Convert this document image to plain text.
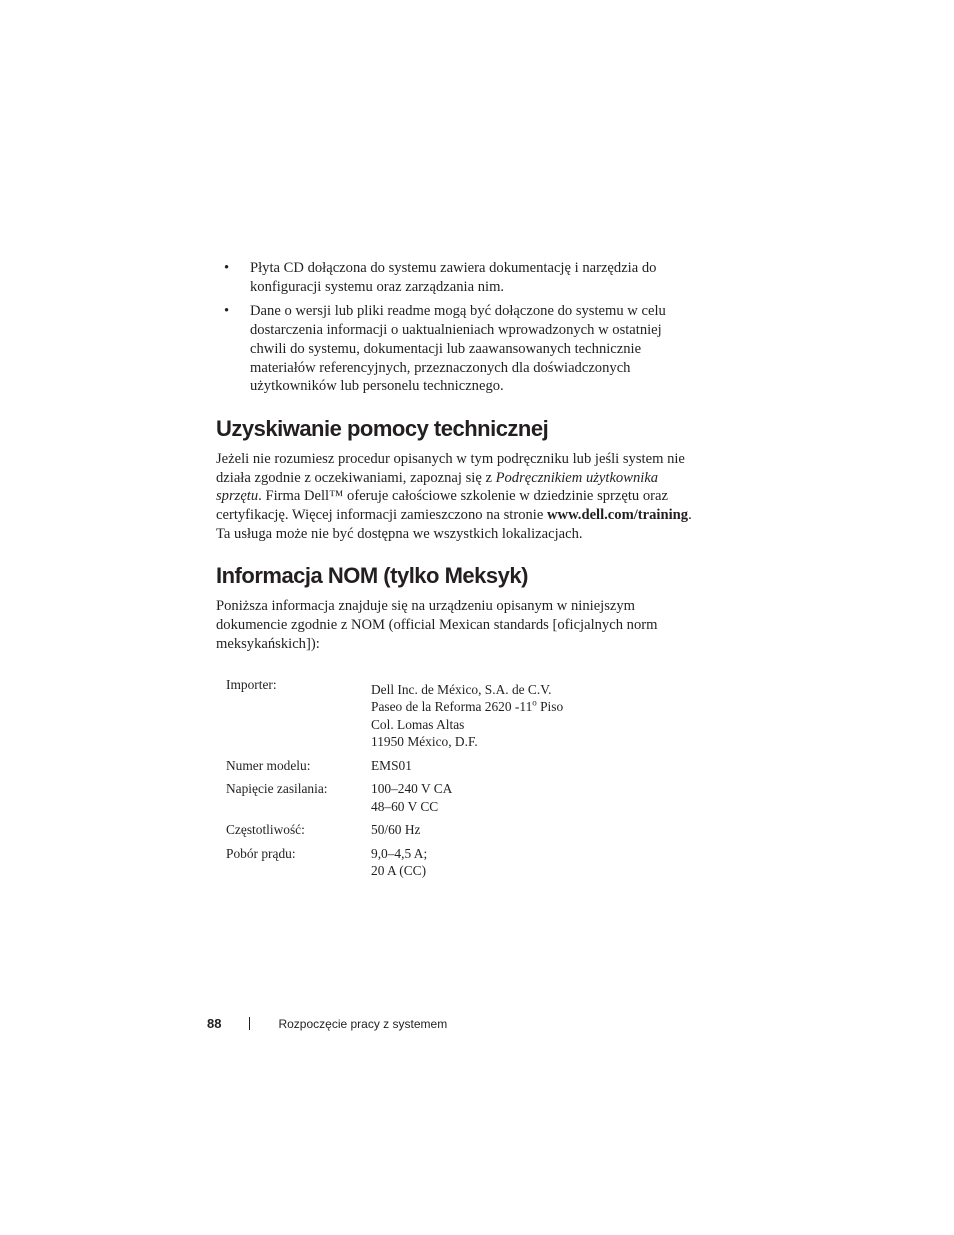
• Płyta CD dołączona do systemu zawiera dokumentację i narzędzia do
konfiguracji systemu oraz zarządzania nim.
• Dane o wersji lub pliki readme mogą być dołączone do systemu w celu
dostarczenia informacji o uaktualnieniach wprowadzonych w ostatniej
chwili do systemu, dokumentacji lub zaawansowanych technicznie
materiałów referencyjnych, przeznaczonych dla doświadczonych
użytkowników lub personelu technicznego.
Uzyskiwanie pomocy technicznej

Jeżeli nie rozumiesz procedur opisanych w tym podręczniku lub jeśli system nie
działa zgodnie z oczekiwaniami, zapoznaj się z Podręcznikiem użytkownika
sprzętu. Firma Dell™ oferuje całościowe szkolenie w dziedzinie sprzętu oraz
certyfikację. Więcej informacji zamieszczono na stronie www.dell.com/training.
Ta usługa może nie być dostępna we wszystkich lokalizacjach.

Informacja NOM (tylko Meksyk)

Poniższa informacja znajduje się na urządzeniu opisanym w niniejszym
dokumencie zgodnie z NOM (official Mexican standards [oficjalnych norm
meksykańskich]):

Importer:	Dell Inc. de México, S.A. de C.V.
Paseo de la Reforma 2620 -11$^o$ Piso
Col. Lomas Altas
11950 México, D.F.

Numer modelu:	EMS01
Napięcie zasilania:	100–240 V CA
48–60 V CC

Częstotliwość:	50/60 Hz
Pobór prądu:	9,0–4,5 A;
20 A (CC)
88	Rozpoczęcie pracy z systemem
